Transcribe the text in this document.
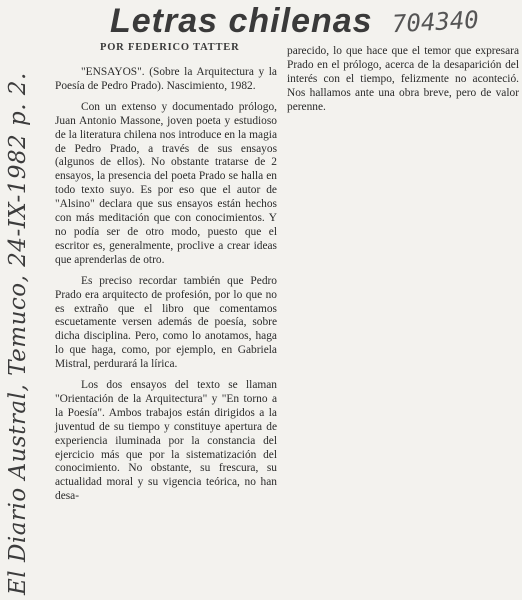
Letras chilenas 704340
POR FEDERICO TATTER
El Diario Austral, Temuco, 24-IX-1982 p. 2.

"ENSAYOS". (Sobre la Arquitectura y la Poesía de Pedro Prado). Nascimiento, 1982.

Con un extenso y documentado prólogo, Juan Antonio Massone, joven poeta y estudioso de la literatura chilena nos introduce en la magia de Pedro Prado, a través de sus ensayos (algunos de ellos). No obstante tratarse de 2 ensayos, la presencia del poeta Prado se halla en todo texto suyo. Es por eso que el autor de "Alsino" declara que sus ensayos están hechos con más meditación que con conocimientos. Y no podía ser de otro modo, puesto que el escritor es, generalmente, proclive a crear ideas que aprenderlas de otro.

Es preciso recordar también que Pedro Prado era arquitecto de profesión, por lo que no es extraño que el libro que comentamos escuetamente versen además de poesía, sobre dicha disciplina. Pero, como lo anotamos, haga lo que haga, como, por ejemplo, en Gabriela Mistral, perdurará la lírica.

Los dos ensayos del texto se llaman "Orientación de la Arquitectura" y "En torno a la Poesía". Ambos trabajos están dirigidos a la juventud de su tiempo y constituye apertura de experiencia iluminada por la constancia del ejercicio más que por la sistematización del conocimiento. No obstante, su frescura, su actualidad moral y su vigencia teórica, no han desa-

parecido, lo que hace que el temor que expresara Prado en el prólogo, acerca de la desaparición del interés con el tiempo, felizmente no aconteció. Nos hallamos ante una obra breve, pero de valor perenne.
